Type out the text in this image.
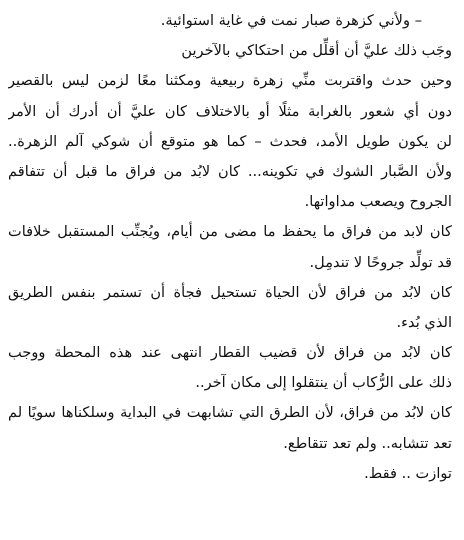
– ولأني كزهرة صبار نمت في غاية استوائية.
وجَب ذلك عليَّ أن أقلِّل من احتكاكي بالآخرين
وحين حدث واقتربت منِّي زهرة ربيعية ومكثنا معًا لزمن ليس بالقصير
دون أي شعور بالغرابة مثلًا أو بالاختلاف كان عليَّ أن أدرك أن الأمر
لن يكون طويل الأمد، فحدث – كما هو متوقع أن شوكي آلم الزهرة..
ولأن الصَّبار الشوك في تكوينه... كان لابُد من فراق ما قبل أن تتفاقم
الجروح ويصعب مداواتها.
كان لابد من فراق ما يحفظ ما مضى من أيام، ويُجنِّب المستقبل خلافات
قد تولِّد جروحًا لا تندمِل.
كان لابُد من فراق لأن الحياة تستحيل فجأة أن تستمر بنفس الطريق
الذي بُدء.
كان لابُد من فراق لأن قضيب القطار انتهى عند هذه المحطة ووجب
ذلك على الرُّكاب أن ينتقلوا إلى مكان آخر..
كان لابُد من فراق، لأن الطرق التي تشابهت في البداية وسلكناها سويًا لم
تعد تتشابه.. ولم تعد تتقاطع.
توازت .. فقط.
